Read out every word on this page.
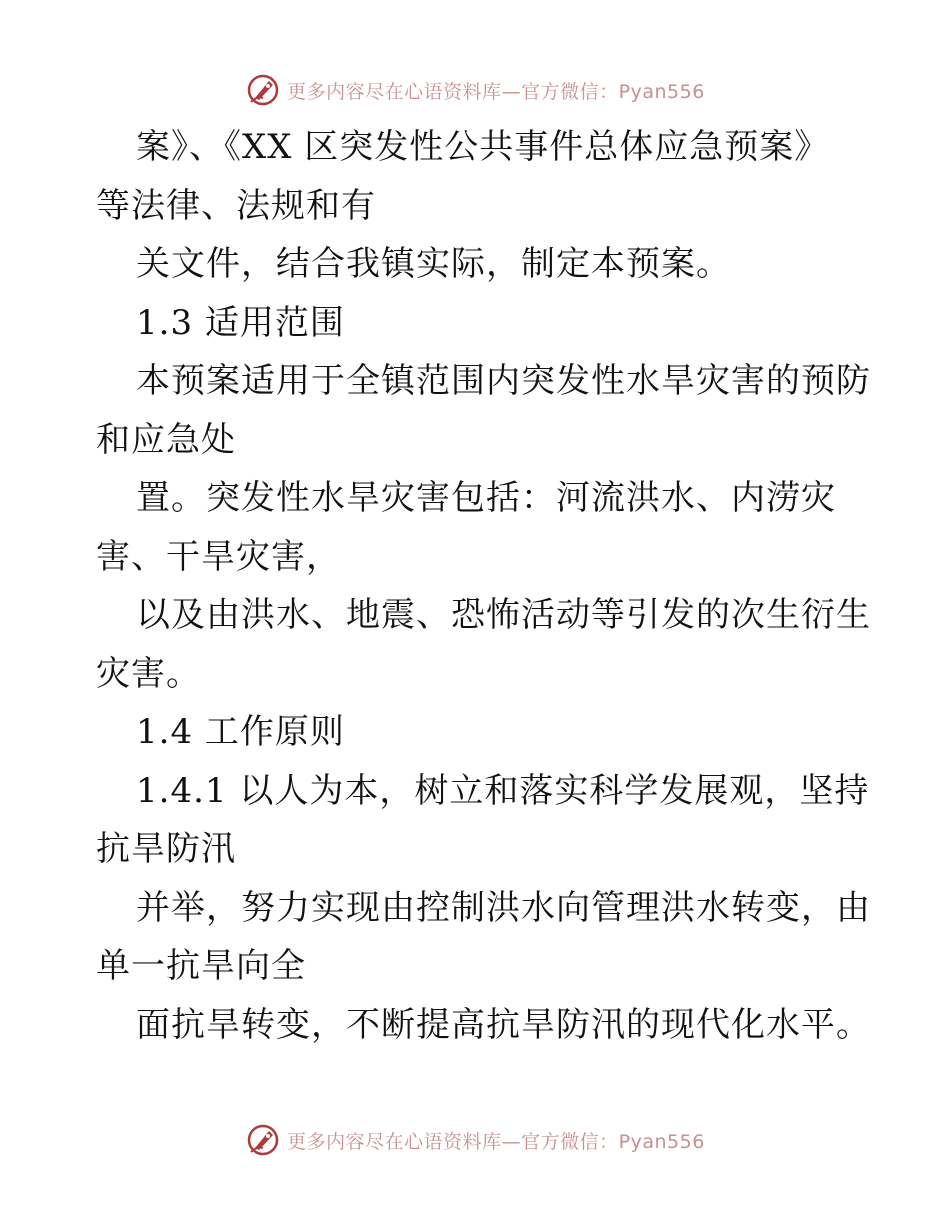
更多内容尽在心语资料库—官方微信：Pyan556
案》、《XX 区突发性公共事件总体应急预案》
等法律、法规和有
关文件，结合我镇实际，制定本预案。
1.3 适用范围
本预案适用于全镇范围内突发性水旱灾害的预防
和应急处
置。突发性水旱灾害包括：河流洪水、内涝灾
害、干旱灾害，
以及由洪水、地震、恐怖活动等引发的次生衍生
灾害。
1.4 工作原则
1.4.1 以人为本，树立和落实科学发展观，坚持
抗旱防汛
并举，努力实现由控制洪水向管理洪水转变，由
单一抗旱向全
面抗旱转变，不断提高抗旱防汛的现代化水平。
更多内容尽在心语资料库—官方微信：Pyan556
